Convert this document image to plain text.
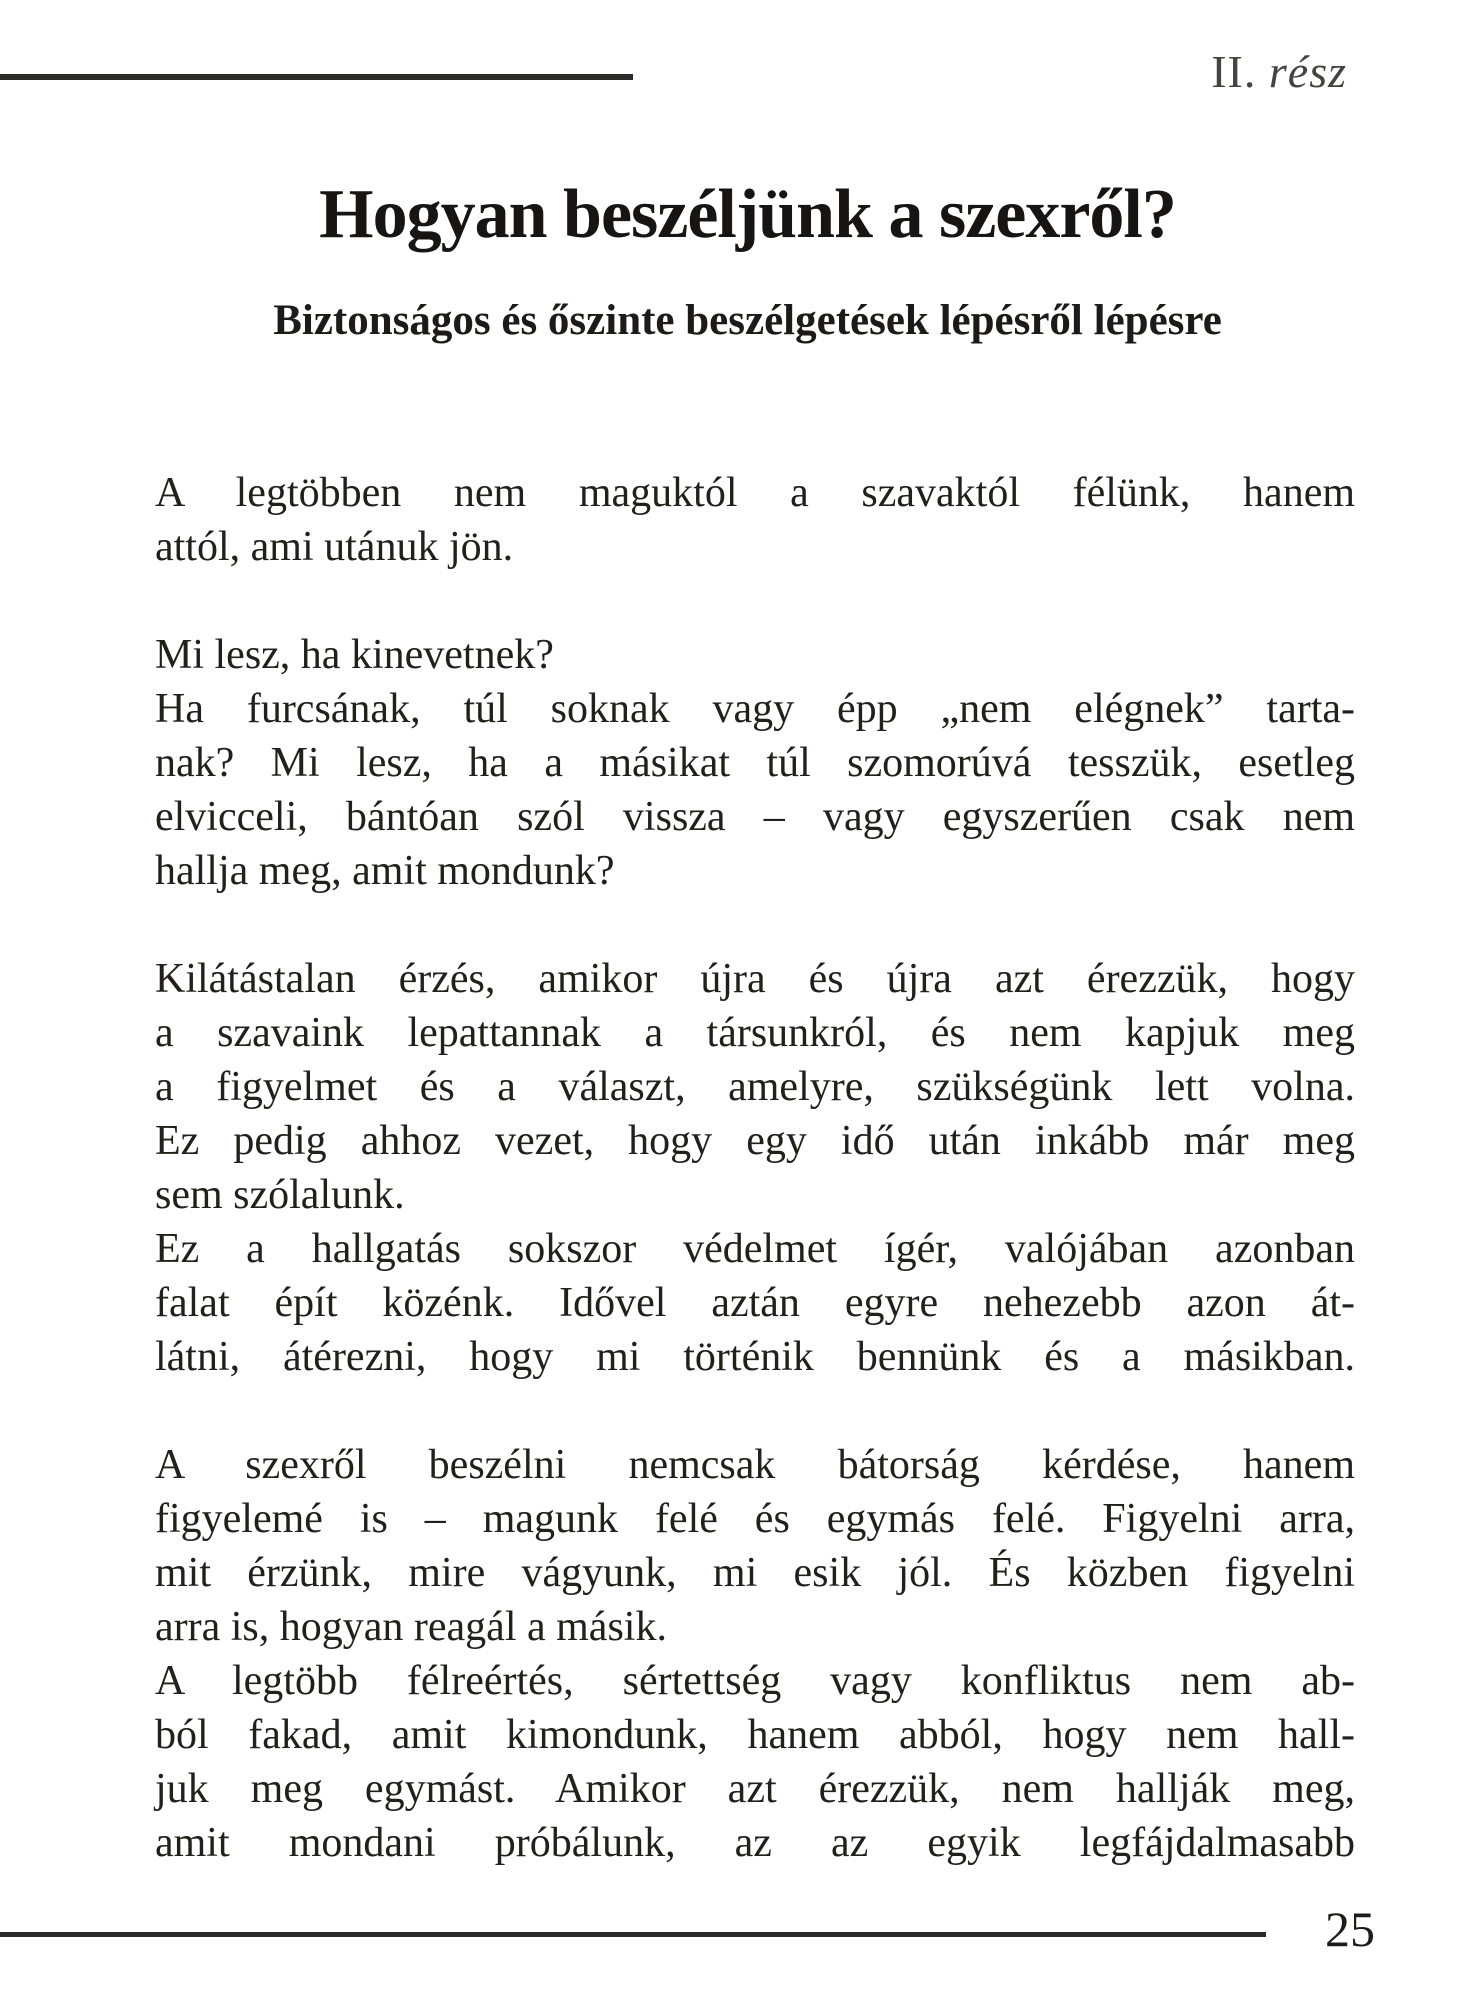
II. rész
Hogyan beszéljünk a szexről?
Biztonságos és őszinte beszélgetések lépésről lépésre
A legtöbben nem maguktól a szavaktól félünk, hanem
attól, ami utánuk jön.
Mi lesz, ha kinevetnek?
Ha furcsának, túl soknak vagy épp „nem elégnek” tarta-
nak? Mi lesz, ha a másikat túl szomorúvá tesszük, esetleg
elvicceli, bántóan szól vissza – vagy egyszerűen csak nem
hallja meg, amit mondunk?
Kilátástalan érzés, amikor újra és újra azt érezzük, hogy
a szavaink lepattannak a társunkról, és nem kapjuk meg
a figyelmet és a választ, amelyre, szükségünk lett volna.
Ez pedig ahhoz vezet, hogy egy idő után inkább már meg
sem szólalunk.
Ez a hallgatás sokszor védelmet ígér, valójában azonban
falat épít közénk. Idővel aztán egyre nehezebb azon át-
látni, átérezni, hogy mi történik bennünk és a másikban.
A szexről beszélni nemcsak bátorság kérdése, hanem
figyelemé is – magunk felé és egymás felé. Figyelni arra,
mit érzünk, mire vágyunk, mi esik jól. És közben figyelni
arra is, hogyan reagál a másik.
A legtöbb félreértés, sértettség vagy konfliktus nem ab-
ból fakad, amit kimondunk, hanem abból, hogy nem hall-
juk meg egymást. Amikor azt érezzük, nem hallják meg,
amit mondani próbálunk, az az egyik legfájdalmasabb
25
